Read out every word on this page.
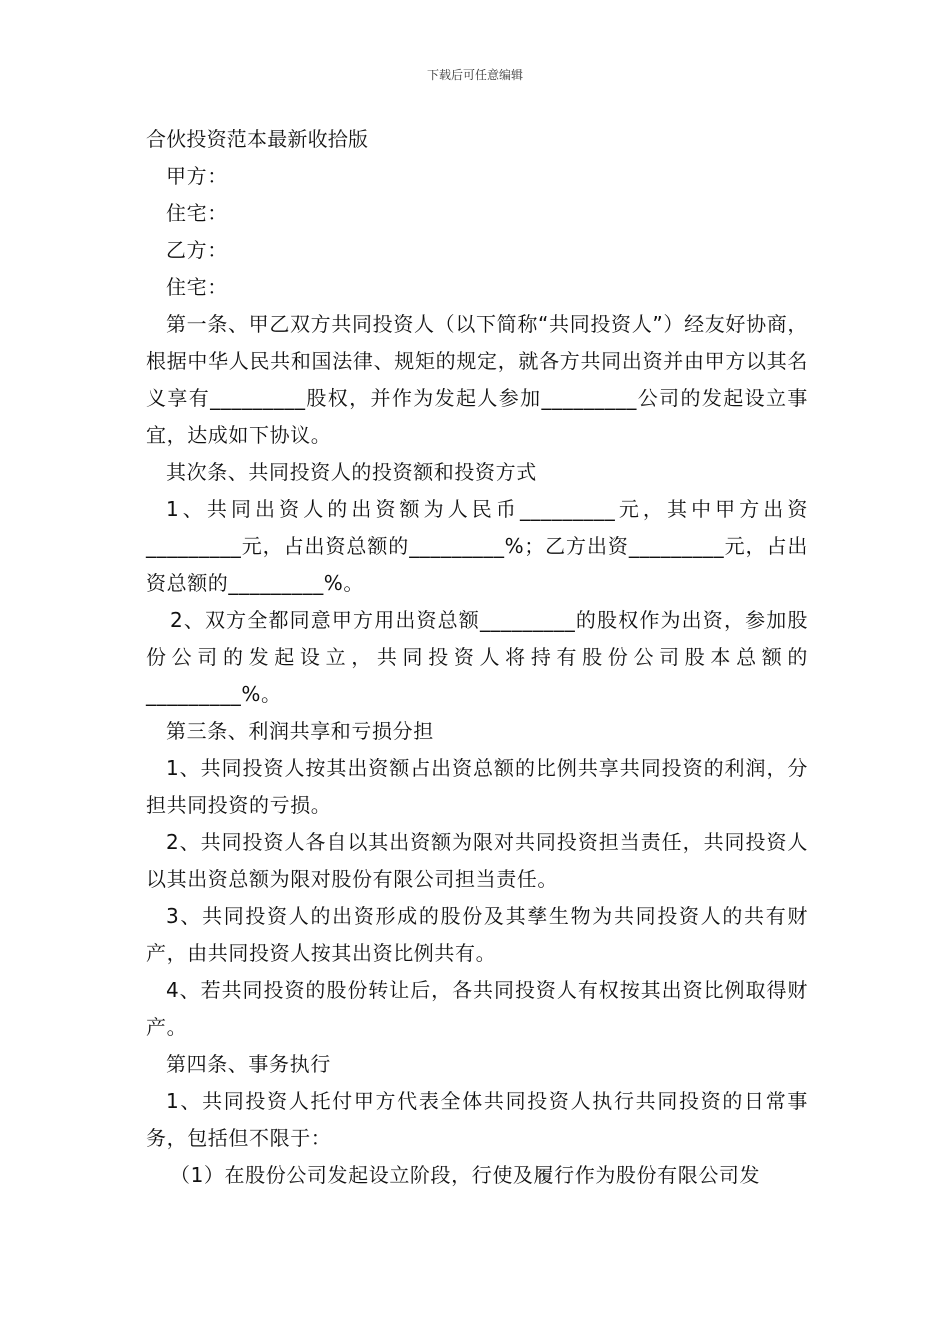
下载后可任意编辑

合伙投资范本最新收拾版

甲方：

住宅：

乙方：

住宅：

第一条、甲乙双方共同投资人（以下简称“共同投资人”）经友好协商，根据中华人民共和国法律、规矩的规定，就各方共同出资并由甲方以其名义享有_________股权，并作为发起人参加_________公司的发起设立事宜，达成如下协议。

其次条、共同投资人的投资额和投资方式

1、共同出资人的出资额为人民币_________元，其中甲方出资_________元，占出资总额的_________%；乙方出资_________元，占出资总额的_________%。

2、双方全都同意甲方用出资总额_________的股权作为出资，参加股份公司的发起设立，共同投资人将持有股份公司股本总额的_________%。

第三条、利润共享和亏损分担

1、共同投资人按其出资额占出资总额的比例共享共同投资的利润，分担共同投资的亏损。

2、共同投资人各自以其出资额为限对共同投资担当责任，共同投资人以其出资总额为限对股份有限公司担当责任。

3、共同投资人的出资形成的股份及其孳生物为共同投资人的共有财产，由共同投资人按其出资比例共有。

4、若共同投资的股份转让后，各共同投资人有权按其出资比例取得财产。

第四条、事务执行

1、共同投资人托付甲方代表全体共同投资人执行共同投资的日常事务，包括但不限于：

（1）在股份公司发起设立阶段，行使及履行作为股份有限公司发
